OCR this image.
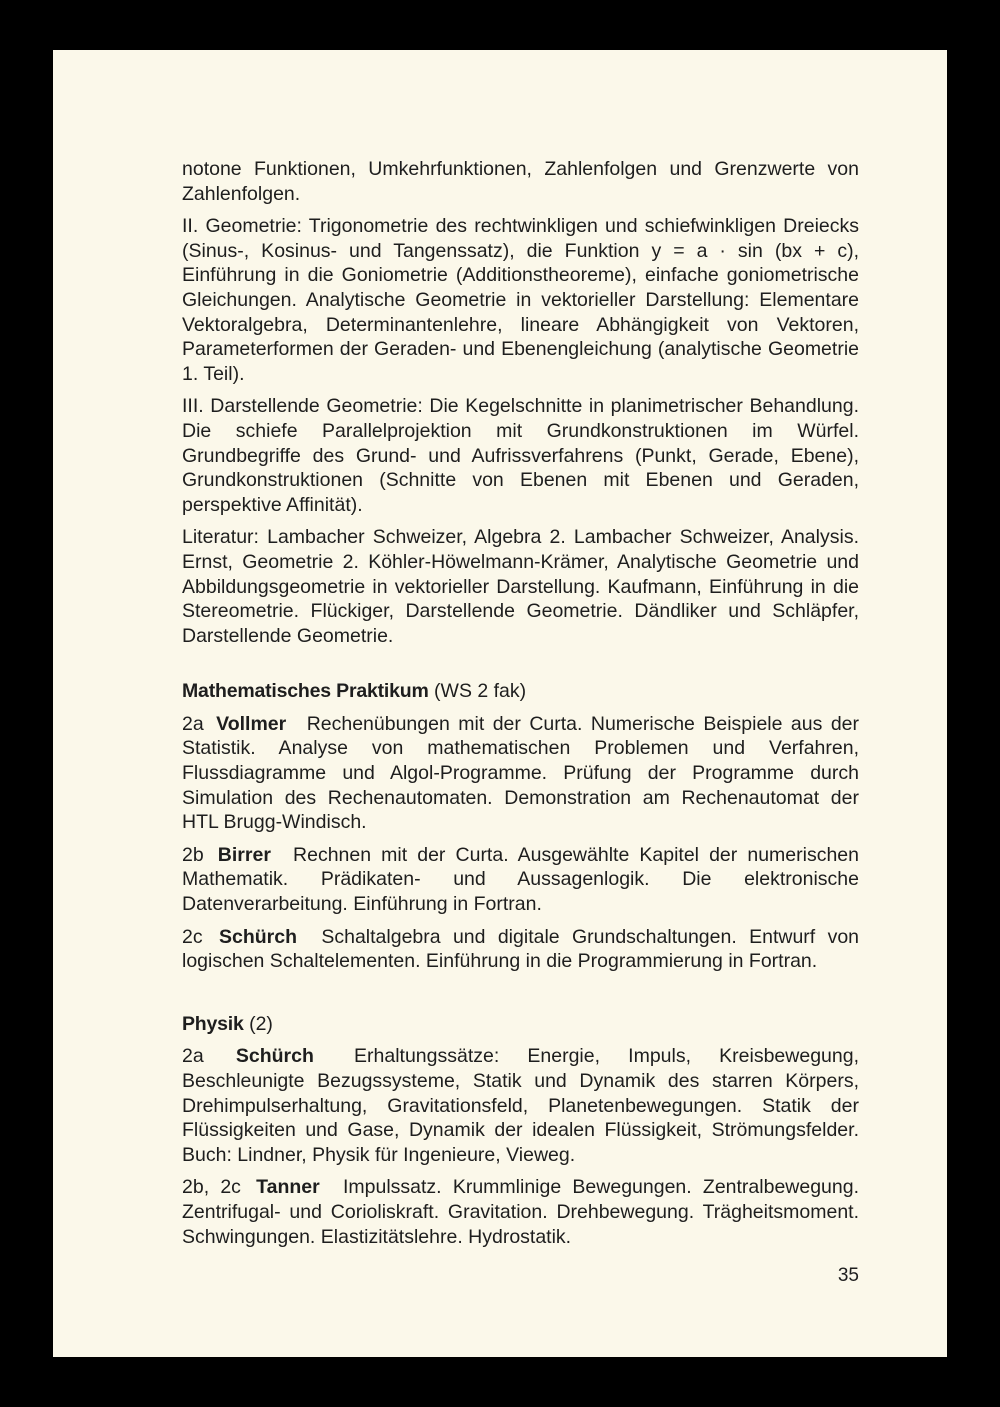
notone Funktionen, Umkehrfunktionen, Zahlenfolgen und Grenzwerte von Zahlenfolgen.

II. Geometrie: Trigonometrie des rechtwinkligen und schiefwinkligen Dreiecks (Sinus-, Kosinus- und Tangenssatz), die Funktion y = a · sin (bx + c), Einführung in die Goniometrie (Additionstheoreme), einfache goniometrische Gleichungen. Analytische Geometrie in vektorieller Darstellung: Elementare Vektoralgebra, Determinantenlehre, lineare Abhängigkeit von Vektoren, Parameterformen der Geraden- und Ebenengleichung (analytische Geometrie 1. Teil).

III. Darstellende Geometrie: Die Kegelschnitte in planimetrischer Behandlung. Die schiefe Parallelprojektion mit Grundkonstruktionen im Würfel. Grundbegriffe des Grund- und Aufrissverfahrens (Punkt, Gerade, Ebene), Grundkonstruktionen (Schnitte von Ebenen mit Ebenen und Geraden, perspektive Affinität).

Literatur: Lambacher Schweizer, Algebra 2. Lambacher Schweizer, Analysis. Ernst, Geometrie 2. Köhler-Höwelmann-Krämer, Analytische Geometrie und Abbildungsgeometrie in vektorieller Darstellung. Kaufmann, Einführung in die Stereometrie. Flückiger, Darstellende Geometrie. Dändliker und Schläpfer, Darstellende Geometrie.

Mathematisches Praktikum (WS 2 fak)

2a Vollmer Rechenübungen mit der Curta. Numerische Beispiele aus der Statistik. Analyse von mathematischen Problemen und Verfahren, Flussdiagramme und Algol-Programme. Prüfung der Programme durch Simulation des Rechenautomaten. Demonstration am Rechenautomat der HTL Brugg-Windisch.

2b Birrer Rechnen mit der Curta. Ausgewählte Kapitel der numerischen Mathematik. Prädikaten- und Aussagenlogik. Die elektronische Datenverarbeitung. Einführung in Fortran.

2c Schürch Schaltalgebra und digitale Grundschaltungen. Entwurf von logischen Schaltelementen. Einführung in die Programmierung in Fortran.

Physik (2)

2a Schürch Erhaltungssätze: Energie, Impuls, Kreisbewegung, Beschleunigte Bezugssysteme, Statik und Dynamik des starren Körpers, Drehimpulserhaltung, Gravitationsfeld, Planetenbewegungen. Statik der Flüssigkeiten und Gase, Dynamik der idealen Flüssigkeit, Strömungsfelder. Buch: Lindner, Physik für Ingenieure, Vieweg.

2b, 2c Tanner Impulssatz. Krummlinige Bewegungen. Zentralbewegung. Zentrifugal- und Corioliskraft. Gravitation. Drehbewegung. Trägheitsmoment. Schwingungen. Elastizitätslehre. Hydrostatik.

35
